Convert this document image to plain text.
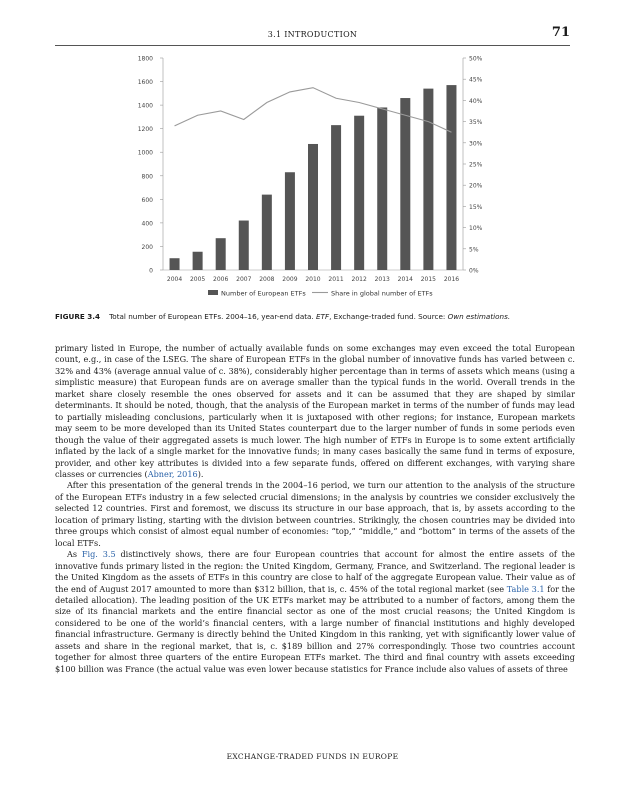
3.1 INTRODUCTION	71
0
200
400
600
800
1000
1200
1400
1600
1800
0%
5%
10%
15%
20%
25%
30%
35%
40%
45%
50%
2004 2005 2006 2007 2008 2009 2010 2011 2012 2013 2014 2015 2016
Number of European ETFs	Share in global number of ETFs
FIGURE 3.4 Total number of European ETFs. 2004–16, year-end data. ETF, Exchange-traded fund. Source: Own estimations.

primary listed in Europe, the number of actually available funds on some exchanges may even exceed the total European count, e.g., in case of the LSEG. The share of European ETFs in the global number of innovative funds has varied between c. 32% and 43% (average annual value of c. 38%), considerably higher percentage than in terms of assets which means (using a simplistic measure) that European funds are on average smaller than the typical funds in the world. Overall trends in the market share closely resemble the ones observed for assets and it can be assumed that they are shaped by similar determinants. It should be noted, though, that the analysis of the European market in terms of the number of funds may lead to partially misleading conclusions, particularly when it is juxtaposed with other regions; for instance, European markets may seem to be more developed than its United States counterpart due to the larger number of funds in some periods even though the value of their aggregated assets is much lower. The high number of ETFs in Europe is to some extent artificially inflated by the lack of a single market for the innovative funds; in many cases basically the same fund in terms of exposure, provider, and other key attributes is divided into a few separate funds, offered on different exchanges, with varying share classes or currencies (Abner, 2016).

After this presentation of the general trends in the 2004–16 period, we turn our attention to the analysis of the structure of the European ETFs industry in a few selected crucial dimensions; in the analysis by countries we consider exclusively the selected 12 countries. First and foremost, we discuss its structure in our base approach, that is, by assets according to the location of primary listing, starting with the division between countries. Strikingly, the chosen countries may be divided into three groups which consist of almost equal number of economies: “top,” “middle,” and “bottom” in terms of the assets of the local ETFs.

As Fig. 3.5 distinctively shows, there are four European countries that account for almost the entire assets of the innovative funds primary listed in the region: the United Kingdom, Germany, France, and Switzerland. The regional leader is the United Kingdom as the assets of ETFs in this country are close to half of the aggregate European value. Their value as of the end of August 2017 amounted to more than $312 billion, that is, c. 45% of the total regional market (see Table 3.1 for the detailed allocation). The leading position of the UK ETFs market may be attributed to a number of factors, among them the size of its financial markets and the entire financial sector as one of the most crucial reasons; the United Kingdom is considered to be one of the world’s financial centers, with a large number of financial institutions and highly developed financial infrastructure. Germany is directly behind the United Kingdom in this ranking, yet with significantly lower value of assets and share in the regional market, that is, c. $189 billion and 27% correspondingly. Those two countries account together for almost three quarters of the entire European ETFs market. The third and final country with assets exceeding $100 billion was France (the actual value was even lower because statistics for France include also values of assets of three

EXCHANGE-TRADED FUNDS IN EUROPE
